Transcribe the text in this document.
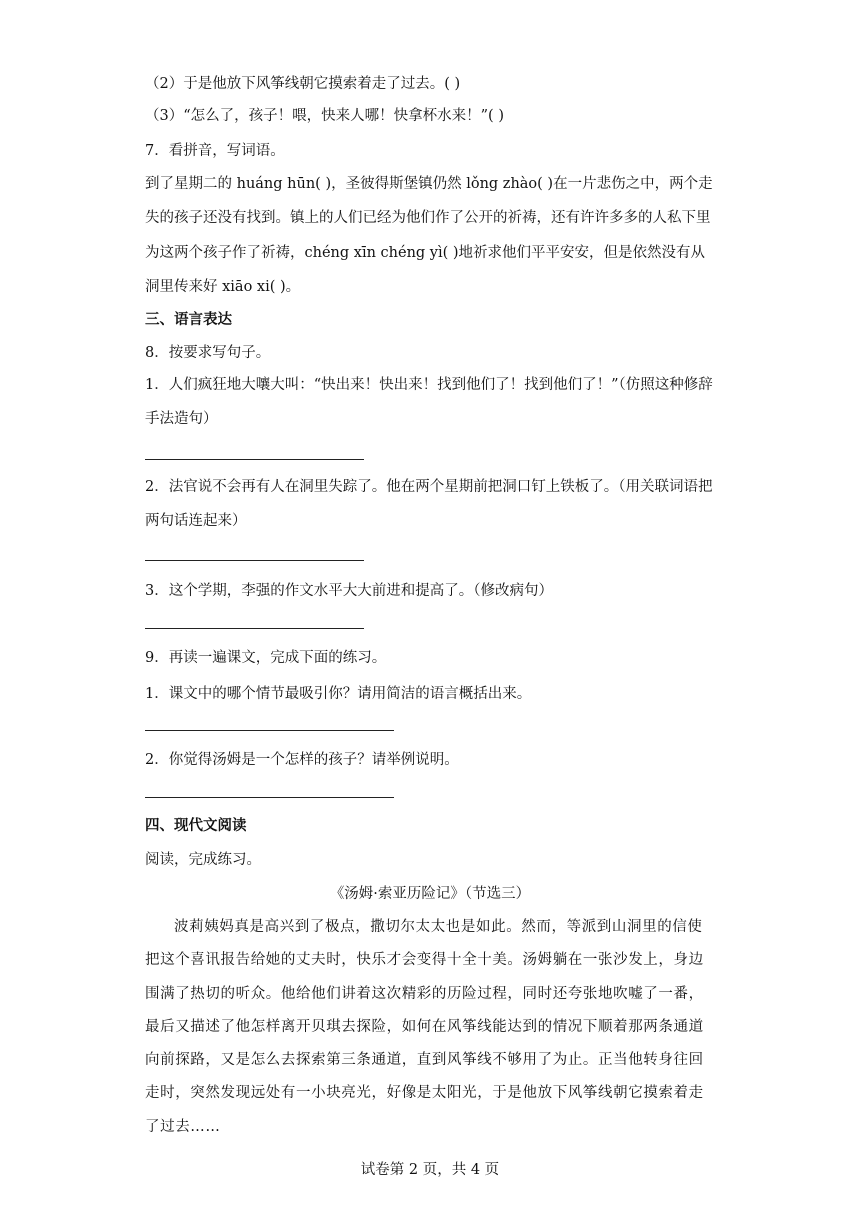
（2）于是他放下风筝线朝它摸索着走了过去。( )
（3）“怎么了，孩子！喂，快来人哪！快拿杯水来！”( )
7．看拼音，写词语。
到了星期二的 huáng hūn( )，圣彼得斯堡镇仍然 lǒng zhào( )在一片悲伤之中，两个走失的孩子还没有找到。镇上的人们已经为他们作了公开的祈祷，还有许许多多的人私下里为这两个孩子作了祈祷，chéng xīn chéng yì( )地祈求他们平平安安，但是依然没有从洞里传来好 xiāo xi( )。
三、语言表达
8．按要求写句子。
1．人们疯狂地大嚷大叫：“快出来！快出来！找到他们了！找到他们了！”（仿照这种修辞手法造句）
2．法官说不会再有人在洞里失踪了。他在两个星期前把洞口钉上铁板了。（用关联词语把两句话连起来）
3．这个学期，李强的作文水平大大前进和提高了。（修改病句）
9．再读一遍课文，完成下面的练习。
1．课文中的哪个情节最吸引你？请用简洁的语言概括出来。
2．你觉得汤姆是一个怎样的孩子？请举例说明。
四、现代文阅读
阅读，完成练习。
《汤姆·索亚历险记》（节选三）
波莉姨妈真是高兴到了极点，撒切尔太太也是如此。然而，等派到山洞里的信使把这个喜讯报告给她的丈夫时，快乐才会变得十全十美。汤姆躺在一张沙发上，身边围满了热切的听众。他给他们讲着这次精彩的历险过程，同时还夸张地吹嘘了一番，最后又描述了他怎样离开贝琪去探险，如何在风筝线能达到的情况下顺着那两条通道向前探路，又是怎么去探索第三条通道，直到风筝线不够用了为止。正当他转身往回走时，突然发现远处有一小块亮光，好像是太阳光，于是他放下风筝线朝它摸索着走了过去……
试卷第 2 页，共 4 页
